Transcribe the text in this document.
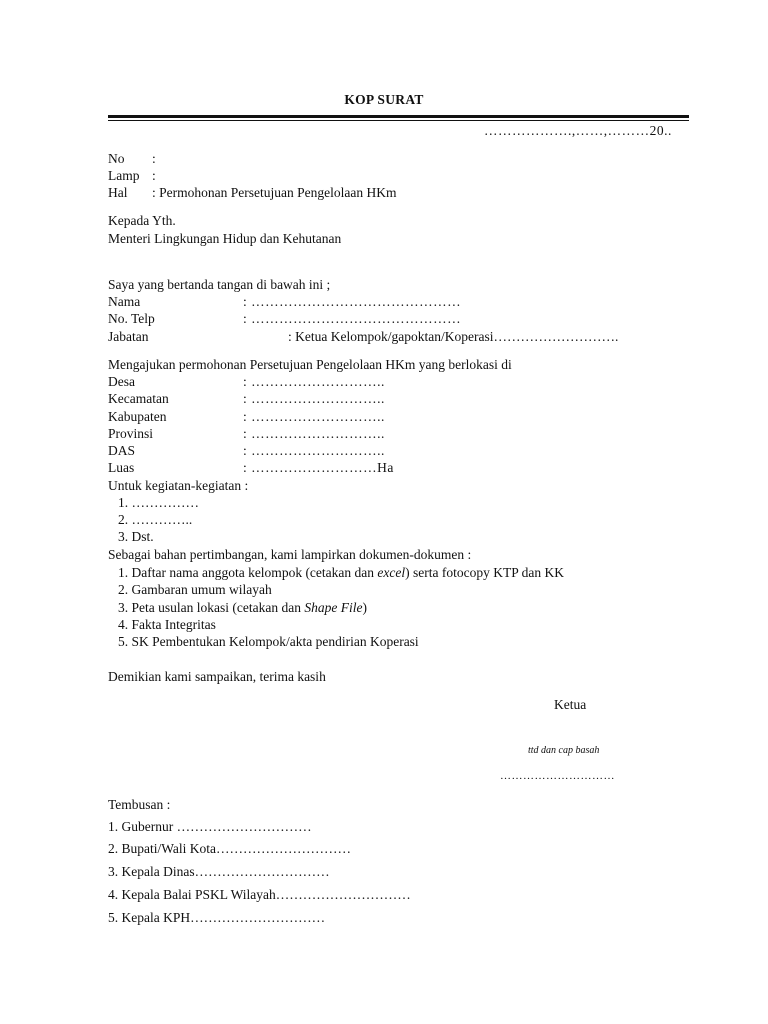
KOP SURAT
……………….,……,………20..
No :
Lamp :
Hal : Permohonan Persetujuan Pengelolaan HKm
Kepada Yth.
Menteri Lingkungan Hidup dan Kehutanan
Saya yang bertanda tangan di bawah ini ;
Nama	: ………………………………………
No. Telp	: ………………………………………
Jabatan	: Ketua Kelompok/gapoktan/Koperasi……………………….
Mengajukan permohonan Persetujuan Pengelolaan HKm yang berlokasi di
Desa	: ………………………..
Kecamatan	: ………………………..
Kabupaten	: ………………………..
Provinsi	: ………………………..
DAS	: ………………………..
Luas	: ………………………Ha
Untuk kegiatan-kegiatan :
1. ……………
2. …………..
3. Dst.
Sebagai bahan pertimbangan, kami lampirkan dokumen-dokumen :
1. Daftar nama anggota kelompok (cetakan dan excel) serta fotocopy KTP dan KK
2. Gambaran umum wilayah
3. Peta usulan lokasi (cetakan dan Shape File)
4. Fakta Integritas
5. SK Pembentukan Kelompok/akta pendirian Koperasi
Demikian kami sampaikan, terima kasih
Ketua
ttd dan cap basah
…………………………
Tembusan :
1. Gubernur …………………………
2. Bupati/Wali Kota…………………………
3. Kepala Dinas…………………………
4. Kepala Balai PSKL Wilayah…………………………
5. Kepala KPH…………………………
